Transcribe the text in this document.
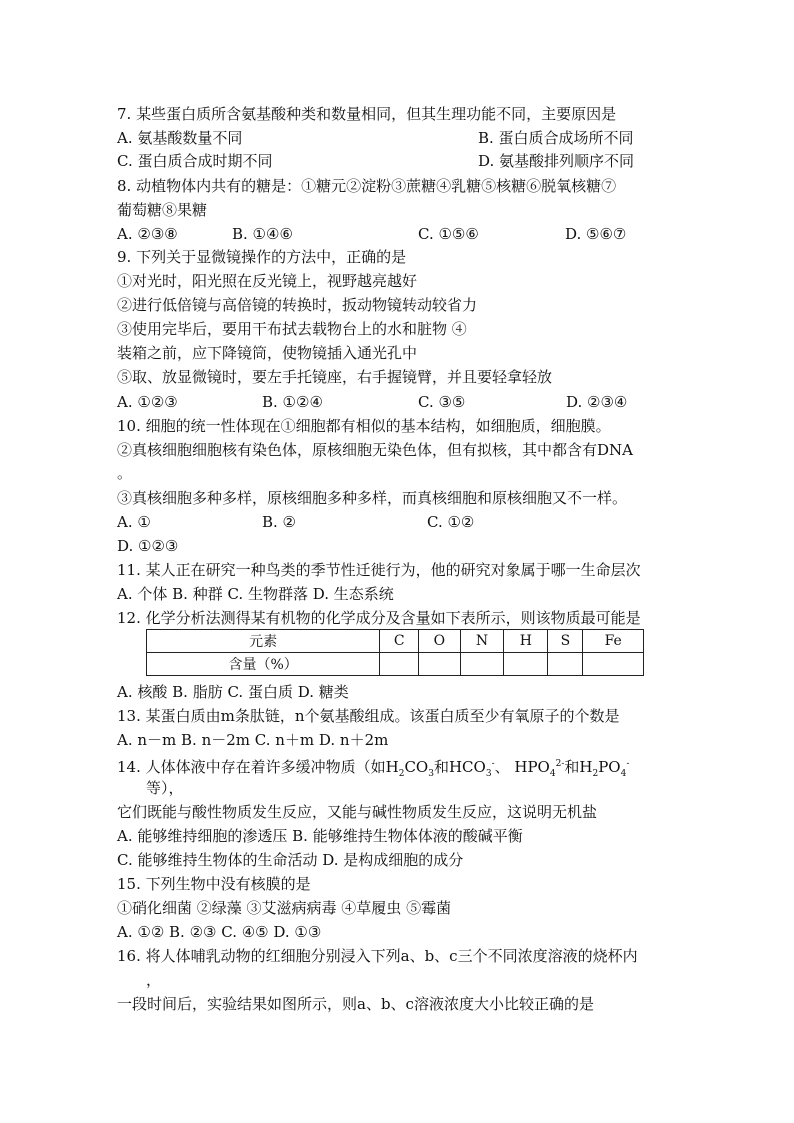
7. 某些蛋白质所含氨基酸种类和数量相同，但其生理功能不同，主要原因是
A. 氨基酸数量不同	B. 蛋白质合成场所不同
C. 蛋白质合成时期不同	D. 氨基酸排列顺序不同
8. 动植物体内共有的糖是：①糖元②淀粉③蔗糖④乳糖⑤核糖⑥脱氧核糖⑦
葡萄糖⑧果糖
A. ②③⑧	B. ①④⑥	C. ①⑤⑥	D. ⑤⑥⑦
9. 下列关于显微镜操作的方法中，正确的是
①对光时，阳光照在反光镜上，视野越亮越好
②进行低倍镜与高倍镜的转换时，扳动物镜转动较省力
③使用完毕后，要用干布拭去载物台上的水和脏物 ④
装箱之前，应下降镜筒，使物镜插入通光孔中
⑤取、放显微镜时，要左手托镜座，右手握镜臂，并且要轻拿轻放
A. ①②③	B. ①②④	C. ③⑤	D. ②③④
10. 细胞的统一性体现在①细胞都有相似的基本结构，如细胞质，细胞膜。
②真核细胞细胞核有染色体，原核细胞无染色体，但有拟核，其中都含有DNA
。
③真核细胞多种多样，原核细胞多种多样，而真核细胞和原核细胞又不一样。
A. ①	B. ②	C. ①②
D. ①②③
11. 某人正在研究一种鸟类的季节性迁徙行为，他的研究对象属于哪一生命层次
A. 个体 B. 种群 C. 生物群落 D. 生态系统
12. 化学分析法测得某有机物的化学成分及含量如下表所示，则该物质最可能是
元素	C	O	N	H	S	Fe
含量（%）						
A. 核酸 B. 脂肪 C. 蛋白质 D. 糖类
13. 某蛋白质由m条肽链，n个氨基酸组成。该蛋白质至少有氧原子的个数是
A. n－m B. n－2m C. n＋m D. n＋2m
14. 人体体液中存在着许多缓冲物质（如$H_2CO_3$和$HCO_3^-$、 $HPO_4^{2-}$和$H_2PO_4^-$
等），
它们既能与酸性物质发生反应，又能与碱性物质发生反应，这说明无机盐
A. 能够维持细胞的渗透压 B. 能够维持生物体体液的酸碱平衡
C. 能够维持生物体的生命活动 D. 是构成细胞的成分
15. 下列生物中没有核膜的是
①硝化细菌 ②绿藻 ③艾滋病病毒 ④草履虫 ⑤霉菌
A. ①② B. ②③ C. ④⑤ D. ①③
16. 将人体哺乳动物的红细胞分别浸入下列a、b、c三个不同浓度溶液的烧杯内
，
一段时间后，实验结果如图所示，则a、b、c溶液浓度大小比较正确的是
